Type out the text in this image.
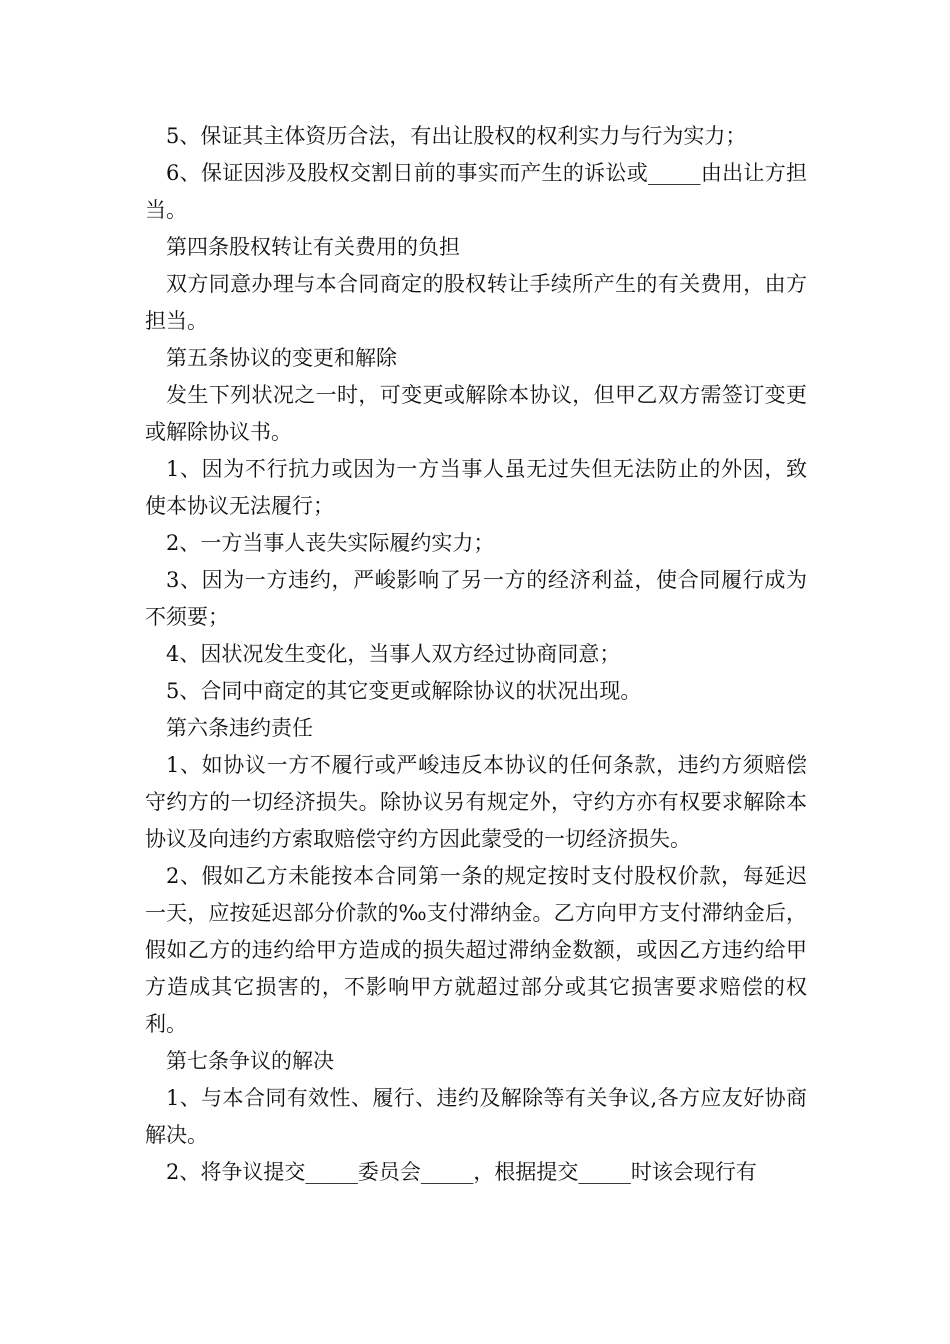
5、保证其主体资历合法，有出让股权的权利实力与行为实力；

6、保证因涉及股权交割日前的事实而产生的诉讼或_____由出让方担当。

第四条股权转让有关费用的负担

双方同意办理与本合同商定的股权转让手续所产生的有关费用，由方担当。

第五条协议的变更和解除

发生下列状况之一时，可变更或解除本协议，但甲乙双方需签订变更或解除协议书。

1、因为不行抗力或因为一方当事人虽无过失但无法防止的外因，致使本协议无法履行；

2、一方当事人丧失实际履约实力；

3、因为一方违约，严峻影响了另一方的经济利益，使合同履行成为不须要；

4、因状况发生变化，当事人双方经过协商同意；

5、合同中商定的其它变更或解除协议的状况出现。

第六条违约责任

1、如协议一方不履行或严峻违反本协议的任何条款，违约方须赔偿守约方的一切经济损失。除协议另有规定外，守约方亦有权要求解除本协议及向违约方索取赔偿守约方因此蒙受的一切经济损失。

2、假如乙方未能按本合同第一条的规定按时支付股权价款，每延迟一天，应按延迟部分价款的‰支付滞纳金。乙方向甲方支付滞纳金后，假如乙方的违约给甲方造成的损失超过滞纳金数额，或因乙方违约给甲方造成其它损害的，不影响甲方就超过部分或其它损害要求赔偿的权利。

第七条争议的解决

1、与本合同有效性、履行、违约及解除等有关争议,各方应友好协商解决。

2、将争议提交_____委员会_____，根据提交_____时该会现行有
